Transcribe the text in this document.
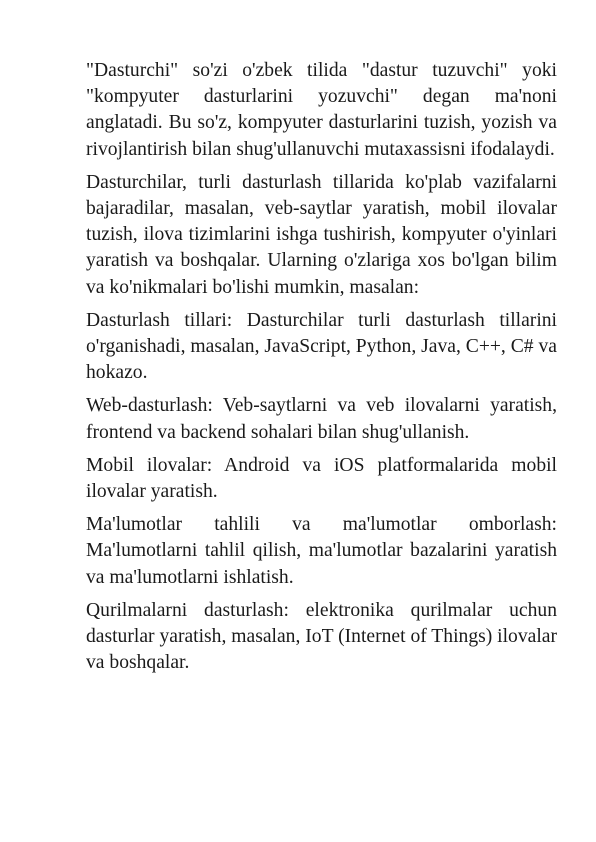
"Dasturchi" so'zi o'zbek tilida "dastur tuzuvchi" yoki "kompyuter dasturlarini yozuvchi" degan ma'noni anglatadi. Bu so'z, kompyuter dasturlarini tuzish, yozish va rivojlantirish bilan shug'ullanuvchi mutaxassisni ifodalaydi.

Dasturchilar, turli dasturlash tillarida ko'plab vazifalarni bajaradilar, masalan, veb-saytlar yaratish, mobil ilovalar tuzish, ilova tizimlarini ishga tushirish, kompyuter o'yinlari yaratish va boshqalar. Ularning o'zlariga xos bo'lgan bilim va ko'nikmalari bo'lishi mumkin, masalan:

Dasturlash tillari: Dasturchilar turli dasturlash tillarini o'rganishadi, masalan, JavaScript, Python, Java, C++, C# va hokazo.

Web-dasturlash: Veb-saytlarni va veb ilovalarni yaratish, frontend va backend sohalari bilan shug'ullanish.

Mobil ilovalar: Android va iOS platformalarida mobil ilovalar yaratish.

Ma'lumotlar tahlili va ma'lumotlar omborlash: Ma'lumotlarni tahlil qilish, ma'lumotlar bazalarini yaratish va ma'lumotlarni ishlatish.

Qurilmalarni dasturlash: elektronika qurilmalar uchun dasturlar yaratish, masalan, IoT (Internet of Things) ilovalar va boshqalar.
